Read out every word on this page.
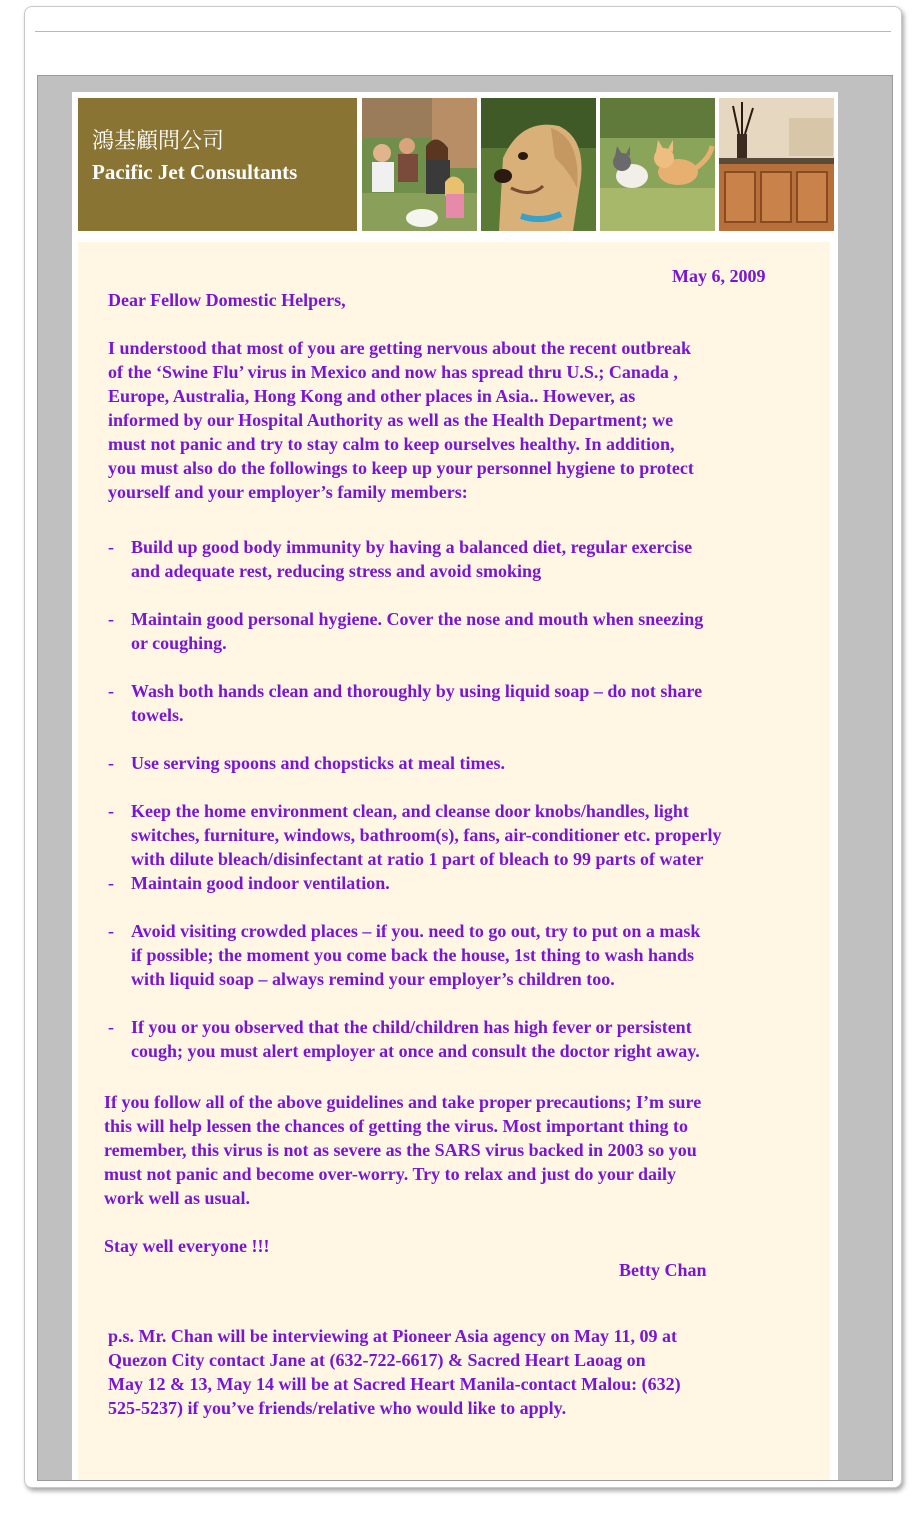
鴻基顧問公司
Pacific Jet Consultants
May 6, 2009
Dear Fellow Domestic Helpers,
I understood that most of you are getting nervous about the recent outbreak
of the ‘Swine Flu’ virus in Mexico and now has spread thru U.S.; Canada ,
Europe, Australia, Hong Kong and other places in Asia.. However, as
informed by our Hospital Authority as well as the Health Department; we
must not panic and try to stay calm to keep ourselves healthy. In addition,
you must also do the followings to keep up your personnel hygiene to protect
yourself and your employer’s family members:
- Build up good body immunity by having a balanced diet, regular exercise
and adequate rest, reducing stress and avoid smoking
- Maintain good personal hygiene. Cover the nose and mouth when sneezing
or coughing.
- Wash both hands clean and thoroughly by using liquid soap – do not share
towels.
- Use serving spoons and chopsticks at meal times.
- Keep the home environment clean, and cleanse door knobs/handles, light
switches, furniture, windows, bathroom(s), fans, air-conditioner etc. properly
with dilute bleach/disinfectant at ratio 1 part of bleach to 99 parts of water
- Maintain good indoor ventilation.
- Avoid visiting crowded places – if you. need to go out, try to put on a mask
if possible; the moment you come back the house, 1st thing to wash hands
with liquid soap – always remind your employer’s children too.
- If you or you observed that the child/children has high fever or persistent
cough; you must alert employer at once and consult the doctor right away.
If you follow all of the above guidelines and take proper precautions; I’m sure
this will help lessen the chances of getting the virus. Most important thing to
remember, this virus is not as severe as the SARS virus backed in 2003 so you
must not panic and become over-worry. Try to relax and just do your daily
work well as usual.
Stay well everyone !!!
Betty Chan
p.s. Mr. Chan will be interviewing at Pioneer Asia agency on May 11, 09 at
Quezon City contact Jane at (632-722-6617) & Sacred Heart Laoag on
May 12 & 13, May 14 will be at Sacred Heart Manila-contact Malou: (632)
525-5237) if you’ve friends/relative who would like to apply.
